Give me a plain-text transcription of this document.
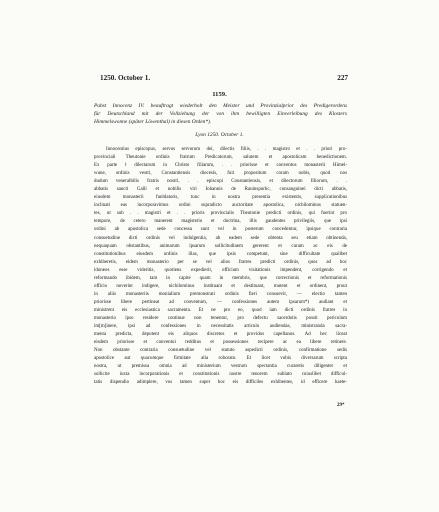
1250. October 1.	227
1159.
Pabst Innocenz IV. beauftragt wiederholt den Meister und Provinzialprior des Predigerordens
für Deutschland mit der Vollziehung der von ihm bewilligten Einverleibung des Klosters
Himmelswonne (später Löwenthal) in diesen Orden*).
Lyon 1250. October 1.
Innocentius episcopus, servus servorum dei, dilectis filiis, . . magistro et . . priori pro-
provinciali Theutonie ordinis fratrum Predicatorum, salutem et apostolicam benedictionem.
Ex parte ‖ dilectarum in Christo filiarum, . . priorisse et conventus monasterii Himel-
wune, ordinis vestri, Constantiensis diocesis, fuit propositum coram nobis, quod nos
dudum venera‖bilis fratris nostri, . . episcopi Constantiensis, et dilectorum filiorum, . .
abbatis sancti Galli et nobilis viri Iohannis de Rauinspurhc, consanguinei dicti abbatis,
eiusdem monasterii fun‖datoris, tunc in nostra presentia existentis, supplicationibus
inclinati eas incorporavimus ordini supradicto auctoritate apostolica, nichilominus statuen-
tes, ut sub . . magistri et . . prioris provincialis Theutonie predicti ordinis, qui fuerint pro
tempore, de cetero manerent magisterio et doctrina, illis gaudentes privilegiis, que ipsi
ordini ab apostolica sede concessa sunt vel in posterum concedentur, ipsique contraria
consuetudine dicti ordinis vel indulgentia, ab eadem sede obtenta seu etiam obtinenda,
nequaquam obstantibus, animarum ipsarum sollicitudinem gererent et curam ac eis de
constitutionibus eiusdem ordinis illas, que ipsis competunt, sine difficultate qualibet
exhiberetis, eidem monasterio per se vel alios fratres predicti ordinis, quos ad hoc
idoneos esse videritis, quotiens expedierit, officium visitationis impendent, corrigendo et
reformando ibidem, tam in capite quam in membris, que correctionis et reformationis
officio noverint indigere, nichilominus instituant et destituant, mutent et ordinent, prout
in aliis monasteriis monialium premonstrati ordinis fieri consuevit, — electio tamen
priorisse libere pertineat ad conventum, — confessiones autem ipsarum*) audiant et
ministrent eis ecclesiastica sacramenta. Et ne pro eo, quod iam dicti ordinis fratres in
monasterio ipso residere continue non tenentur, pro defectu sacerdotis possit periculum
im[m]inere, ipsi ad confessiones in necessitatis articulo audiendas, ministranda sacra-
menta predicta, deputent eis aliquos discretos et providos capellanos. Ad hec liceat
eisdem priorisse et conventui redditus et possessiones recipere ac ea libere retinere.
Non obstante contraria consuetudine vel statuto aspedicti ordinis, confirmatione sedis
apostolice aut quacumque firmitate alia roborato. Et licet vobis diversarum scripta
nostra, ut premissa omnia ad ministerium vestrum spectantia curaretis diligenter et
sollicite iuxta incorporationis et constitutionis nostre tenorem sublato cuiuslibet difficul-
tatis dispendio adimplere, vos tamen super hoc eis difficiles exhibentes, id efficere haete-
29*
